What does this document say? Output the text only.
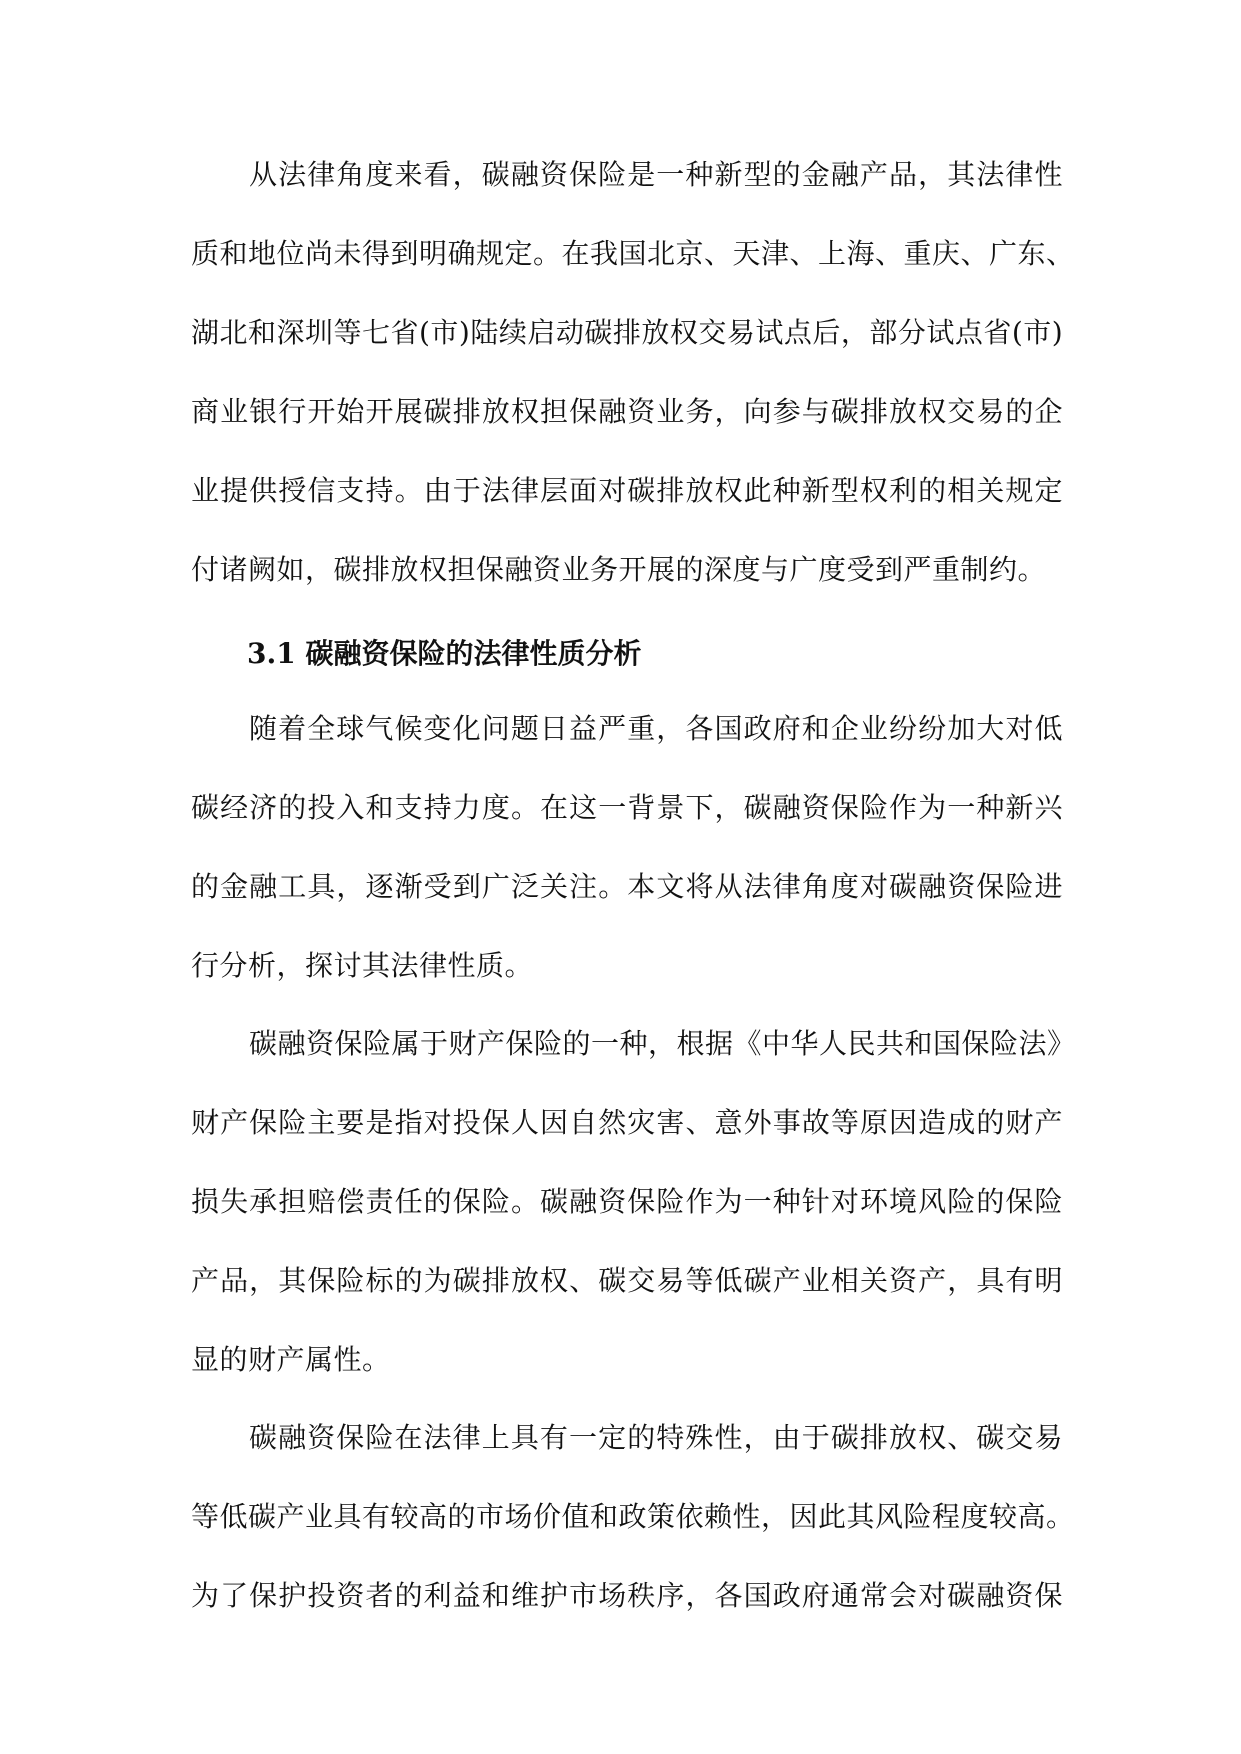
从法律角度来看，碳融资保险是一种新型的金融产品，其法律性
质和地位尚未得到明确规定。在我国北京、天津、上海、重庆、广东、
湖北和深圳等七省(市)陆续启动碳排放权交易试点后，部分试点省(市)
商业银行开始开展碳排放权担保融资业务，向参与碳排放权交易的企
业提供授信支持。由于法律层面对碳排放权此种新型权利的相关规定
付诸阙如，碳排放权担保融资业务开展的深度与广度受到严重制约。
3.1 碳融资保险的法律性质分析
随着全球气候变化问题日益严重，各国政府和企业纷纷加大对低
碳经济的投入和支持力度。在这一背景下，碳融资保险作为一种新兴
的金融工具，逐渐受到广泛关注。本文将从法律角度对碳融资保险进
行分析，探讨其法律性质。
碳融资保险属于财产保险的一种，根据《中华人民共和国保险法》
财产保险主要是指对投保人因自然灾害、意外事故等原因造成的财产
损失承担赔偿责任的保险。碳融资保险作为一种针对环境风险的保险
产品，其保险标的为碳排放权、碳交易等低碳产业相关资产，具有明
显的财产属性。
碳融资保险在法律上具有一定的特殊性，由于碳排放权、碳交易
等低碳产业具有较高的市场价值和政策依赖性，因此其风险程度较高。
为了保护投资者的利益和维护市场秩序，各国政府通常会对碳融资保
